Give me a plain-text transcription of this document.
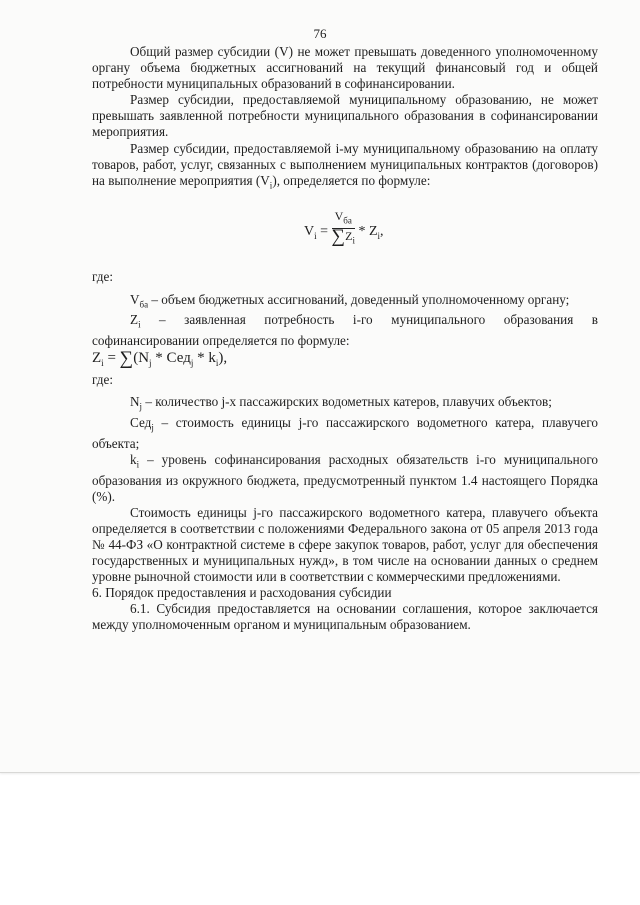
76

Общий размер субсидии (V) не может превышать доведенного уполномоченному органу объема бюджетных ассигнований на текущий финансовый год и общей потребности муниципальных образований в софинансировании.

Размер субсидии, предоставляемой муниципальному образованию, не может превышать заявленной потребности муниципального образования в софинансировании мероприятия.

Размер субсидии, предоставляемой i-му муниципальному образованию на оплату товаров, работ, услуг, связанных с выполнением муниципальных контрактов (договоров) на выполнение мероприятия $(V_i)$, определяется по формуле:

$V_i = \frac{V_{ба}}{\sum Z_i} * Z_i$,

где:

$V_{ба}$ – объем бюджетных ассигнований, доведенный уполномоченному органу;

$Z_i$ – заявленная потребность i-го муниципального образования в софинансировании определяется по формуле:

$Z_i = \sum(N_j * Сед_j * k_i)$,

где:

$N_j$ – количество j-х пассажирских водометных катеров, плавучих объектов;

Сед$_j$ – стоимость единицы j-го пассажирского водометного катера, плавучего объекта;

$k_i$ – уровень софинансирования расходных обязательств i-го муниципального образования из окружного бюджета, предусмотренный пунктом 1.4 настоящего Порядка (%).

Стоимость единицы j-го пассажирского водометного катера, плавучего объекта определяется в соответствии с положениями Федерального закона от 05 апреля 2013 года № 44-ФЗ «О контрактной системе в сфере закупок товаров, работ, услуг для обеспечения государственных и муниципальных нужд», в том числе на основании данных о среднем уровне рыночной стоимости или в соответствии с коммерческими предложениями.

6. Порядок предоставления и расходования субсидии

6.1. Субсидия предоставляется на основании соглашения, которое заключается между уполномоченным органом и муниципальным образованием.
